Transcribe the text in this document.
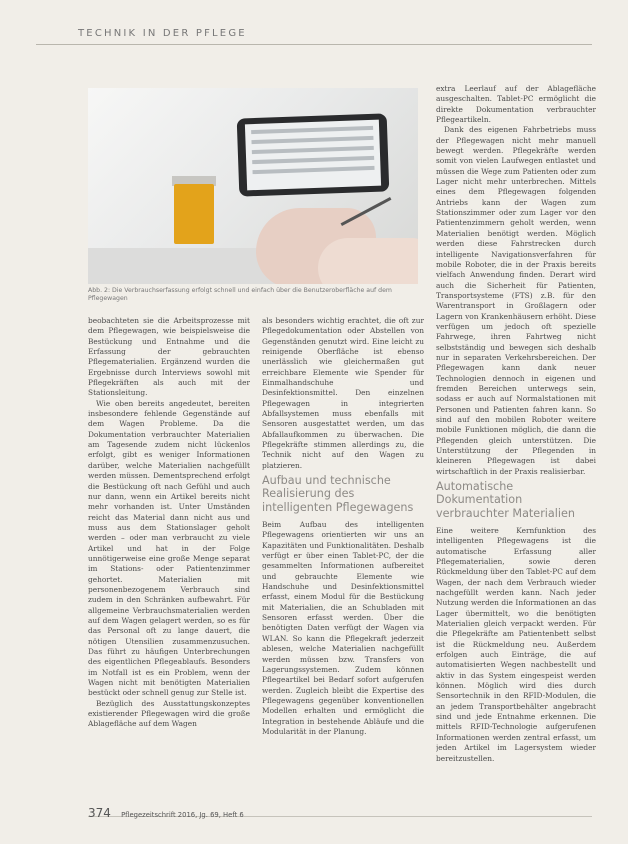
TECHNIK IN DER PFLEGE
Abb. 2: Die Verbrauchserfassung erfolgt schnell und einfach über die Benutzeroberfläche auf dem Pflegewagen

beobachteten sie die Arbeitsprozesse mit dem Pflegewagen, wie beispielsweise die Bestückung und Entnahme und die Erfassung der gebrauchten Pflegematerialien. Ergänzend wurden die Ergebnisse durch Interviews sowohl mit Pflegekräften als auch mit der Stationsleitung.

Wie oben bereits angedeutet, bereiten insbesondere fehlende Gegenstände auf dem Wagen Probleme. Da die Dokumentation verbrauchter Materialien am Tagesende zudem nicht lückenlos erfolgt, gibt es weniger Informationen darüber, welche Materialien nachgefüllt werden müssen. Dementsprechend erfolgt die Bestückung oft nach Gefühl und auch nur dann, wenn ein Artikel bereits nicht mehr vorhanden ist. Unter Umständen reicht das Material dann nicht aus und muss aus dem Stationslager geholt werden – oder man verbraucht zu viele Artikel und hat in der Folge unnötigerweise eine große Menge separat im Stations- oder Patientenzimmer gehortet. Materialien mit personenbezogenem Verbrauch sind zudem in den Schränken aufbewahrt. Für allgemeine Verbrauchsmaterialien werden auf dem Wagen gelagert werden, so es für das Personal oft zu lange dauert, die nötigen Utensilien zusammenzusuchen. Das führt zu häufigen Unterbrechungen des eigentlichen Pflegeablaufs. Besonders im Notfall ist es ein Problem, wenn der Wagen nicht mit benötigten Materialien bestückt oder schnell genug zur Stelle ist.

Bezüglich des Ausstattungskonzeptes existierender Pflegewagen wird die große Ablagefläche auf dem Wagen

als besonders wichtig erachtet, die oft zur Pflegedokumentation oder Abstellen von Gegenständen genutzt wird. Eine leicht zu reinigende Oberfläche ist ebenso unerlässlich wie gleichermaßen gut erreichbare Elemente wie Spender für Einmalhandschuhe und Desinfektionsmittel. Den einzelnen Pflegewagen in integrierten Abfallsystemen muss ebenfalls mit Sensoren ausgestattet werden, um das Abfallaufkommen zu überwachen. Die Pflegekräfte stimmen allerdings zu, die Technik nicht auf den Wagen zu platzieren.

Aufbau und technische Realisierung des intelligenten Pflegewagens

Beim Aufbau des intelligenten Pflegewagens orientierten wir uns an Kapazitäten und Funktionalitäten. Deshalb verfügt er über einen Tablet-PC, der die gesammelten Informationen aufbereitet und gebrauchte Elemente wie Handschuhe und Desinfektionsmittel erfasst, einem Modul für die Bestückung mit Materialien, die an Schubladen mit Sensoren erfasst werden. Über die benötigten Daten verfügt der Wagen via WLAN. So kann die Pflegekraft jederzeit ablesen, welche Materialien nachgefüllt werden müssen bzw. Transfers von Lagerungssystemen. Zudem können Pflegeartikel bei Bedarf sofort aufgerufen werden. Zugleich bleibt die Expertise des Pflegewagens gegenüber konventionellen Modellen erhalten und ermöglicht die Integration in bestehende Abläufe und die Modularität in der Planung.

extra Leerlauf auf der Ablagefläche ausgeschalten. Tablet-PC ermöglicht die direkte Dokumentation verbrauchter Pflegeartikeln.

Dank des eigenen Fahrbetriebs muss der Pflegewagen nicht mehr manuell bewegt werden. Pflegekräfte werden somit von vielen Laufwegen entlastet und müssen die Wege zum Patienten oder zum Lager nicht mehr unterbrechen. Mittels eines dem Pflegewagen folgenden Antriebs kann der Wagen zum Stationszimmer oder zum Lager vor den Patientenzimmern geholt werden, wenn Materialien benötigt werden. Möglich werden diese Fahrstrecken durch intelligente Navigationsverfahren für mobile Roboter, die in der Praxis bereits vielfach Anwendung finden. Derart wird auch die Sicherheit für Patienten, Transportsysteme (FTS) z.B. für den Warentransport in Großlagern oder Lagern von Krankenhäusern erhöht. Diese verfügen um jedoch oft spezielle Fahrwege, ihren Fahrtweg nicht selbstständig und bewegen sich deshalb nur in separaten Verkehrsbereichen. Der Pflegewagen kann dank neuer Technologien dennoch in eigenen und fremden Bereichen unterwegs sein, sodass er auch auf Normalstationen mit Personen und Patienten fahren kann. So sind auf den mobilen Roboter weitere mobile Funktionen möglich, die dann die Pflegenden gleich unterstützen. Die Unterstützung der Pflegenden in kleineren Pflegewagen ist dabei wirtschaftlich in der Praxis realisierbar.

Automatische Dokumentation verbrauchter Materialien

Eine weitere Kernfunktion des intelligenten Pflegewagens ist die automatische Erfassung aller Pflegematerialien, sowie deren Rückmeldung über den Tablet-PC auf dem Wagen, der nach dem Verbrauch wieder nachgefüllt werden kann. Nach jeder Nutzung werden die Informationen an das Lager übermittelt, wo die benötigten Materialien gleich verpackt werden. Für die Pflegekräfte am Patientenbett selbst ist die Rückmeldung neu. Außerdem erfolgen auch Einträge, die auf automatisierten Wegen nachbestellt und aktiv in das System eingespeist werden können. Möglich wird dies durch Sensortechnik in den RFID-Modulen, die an jedem Transportbehälter angebracht sind und jede Entnahme erkennen. Die mittels RFID-Technologie aufgerufenen Informationen werden zentral erfasst, um jeden Artikel im Lagersystem wieder bereitzustellen.

374 Pflegezeitschrift 2016, Jg. 69, Heft 6
